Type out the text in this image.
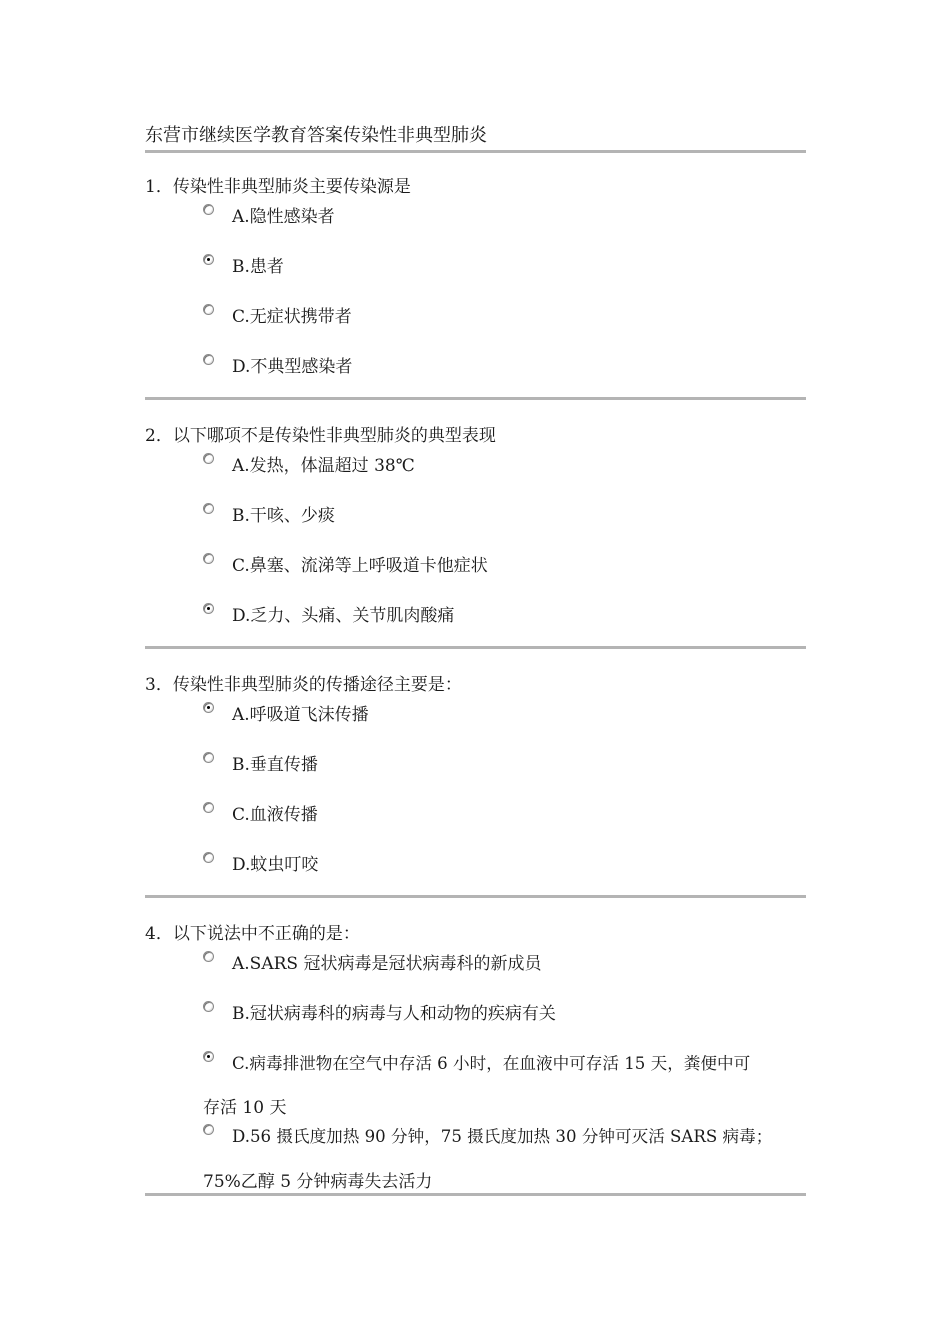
东营市继续医学教育答案传染性非典型肺炎
1．传染性非典型肺炎主要传染源是
A.隐性感染者
B.患者
C.无症状携带者
D.不典型感染者
2．以下哪项不是传染性非典型肺炎的典型表现
A.发热，体温超过 38℃
B.干咳、少痰
C.鼻塞、流涕等上呼吸道卡他症状
D.乏力、头痛、关节肌肉酸痛
3．传染性非典型肺炎的传播途径主要是：
A.呼吸道飞沫传播
B.垂直传播
C.血液传播
D.蚊虫叮咬
4．以下说法中不正确的是：
A.SARS 冠状病毒是冠状病毒科的新成员
B.冠状病毒科的病毒与人和动物的疾病有关
C.病毒排泄物在空气中存活 6 小时，在血液中可存活 15 天，粪便中可
存活 10 天
D.56 摄氏度加热 90 分钟，75 摄氏度加热 30 分钟可灭活 SARS 病毒；
75%乙醇 5 分钟病毒失去活力
